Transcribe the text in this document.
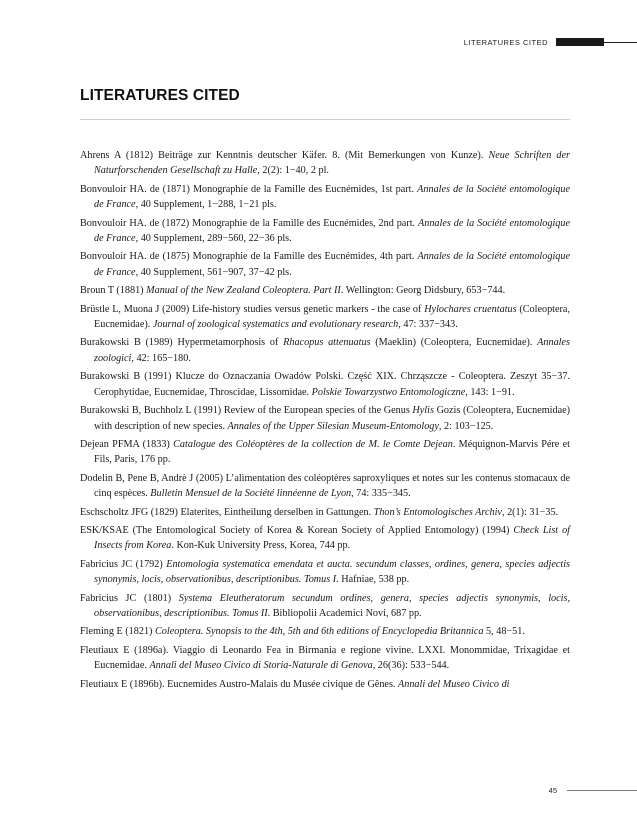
LITERATURES CITED
LITERATURES CITED
Ahrens A (1812) Beiträge zur Kenntnis deutscher Käfer. 8. (Mit Bemerkungen von Kunze). Neue Schriften der Naturforschenden Gesellschaft zu Halle, 2(2): 1−40, 2 pl.
Bonvouloir HA. de (1871) Monographie de la Famille des Eucnémides, 1st part. Annales de la Société entomologique de France, 40 Supplement, 1−288, 1−21 pls.
Bonvouloir HA. de (1872) Monographie de la Famille des Eucnémides, 2nd part. Annales de la Société entomologique de France, 40 Supplement, 289−560, 22−36 pls.
Bonvouloir HA. de (1875) Monographie de la Famille des Eucnémides, 4th part. Annales de la Société entomologique de France, 40 Supplement, 561−907, 37−42 pls.
Broun T (1881) Manual of the New Zealand Coleoptera. Part II. Wellington: Georg Didsbury, 653−744.
Brüstle L, Muona J (2009) Life-history studies versus genetic markers - the case of Hylochares cruentatus (Coleoptera, Eucnemidae). Journal of zoological systematics and evolutionary research, 47: 337−343.
Burakowski B (1989) Hypermetamorphosis of Rhacopus attenuatus (Maeklin) (Coleoptera, Eucnemidae). Annales zoologici, 42: 165−180.
Burakowski B (1991) Klucze do Oznaczania Owadów Polski. Część XIX. Chrząszcze - Coleoptera. Zeszyt 35−37. Cerophytidae, Eucnemidae, Throscidae, Lissomidae. Polskie Towarzystwo Entomologiczne, 143: 1−91.
Burakowski B, Buchholz L (1991) Review of the European species of the Genus Hylis Gozis (Coleoptera, Eucnemidae) with description of new species. Annales of the Upper Silesian Museum-Entomology, 2: 103−125.
Dejean PFMA (1833) Catalogue des Coléoptères de la collection de M. le Comte Dejean. Méquignon-Marvis Pére et Fils, Paris, 176 pp.
Dodelin B, Pene B, Andrè J (2005) L’alimentation des coléoptères saproxyliques et notes sur les contenus stomacaux de cinq espèces. Bulletin Mensuel de la Société linnéenne de Lyon, 74: 335−345.
Eschscholtz JFG (1829) Elaterites, Eintheilung derselben in Gattungen. Thon’s Entomologisches Archiv, 2(1): 31−35.
ESK/KSAE (The Entomological Society of Korea & Korean Society of Applied Entomology) (1994) Check List of Insects from Korea. Kon-Kuk University Press, Korea, 744 pp.
Fabricius JC (1792) Entomologia systematica emendata et aucta. secundum classes, ordines, genera, species adjectis synonymis, locis, observationibus, descriptionibus. Tomus I. Hafniae, 538 pp.
Fabricius JC (1801) Systema Eleutheratorum secundum ordines, genera, species adjectis synonymis, locis, observationibus, descriptionibus. Tomus II. Bibliopolii Academici Novi, 687 pp.
Fleming E (1821) Coleoptera. Synopsis to the 4th, 5th and 6th editions of Encyclopedia Britannica 5, 48−51.
Fleutiaux E (1896a). Viaggio di Leonardo Fea in Birmania e regione vivine. LXXI. Monommidae, Trixagidae et Eucnemidae. Annali del Museo Civico di Storia-Naturale di Genova, 26(36): 533−544.
Fleutiaux E (1896b). Eucnemides Austro-Malais du Musée civique de Gênes. Annali del Museo Civico di
45
